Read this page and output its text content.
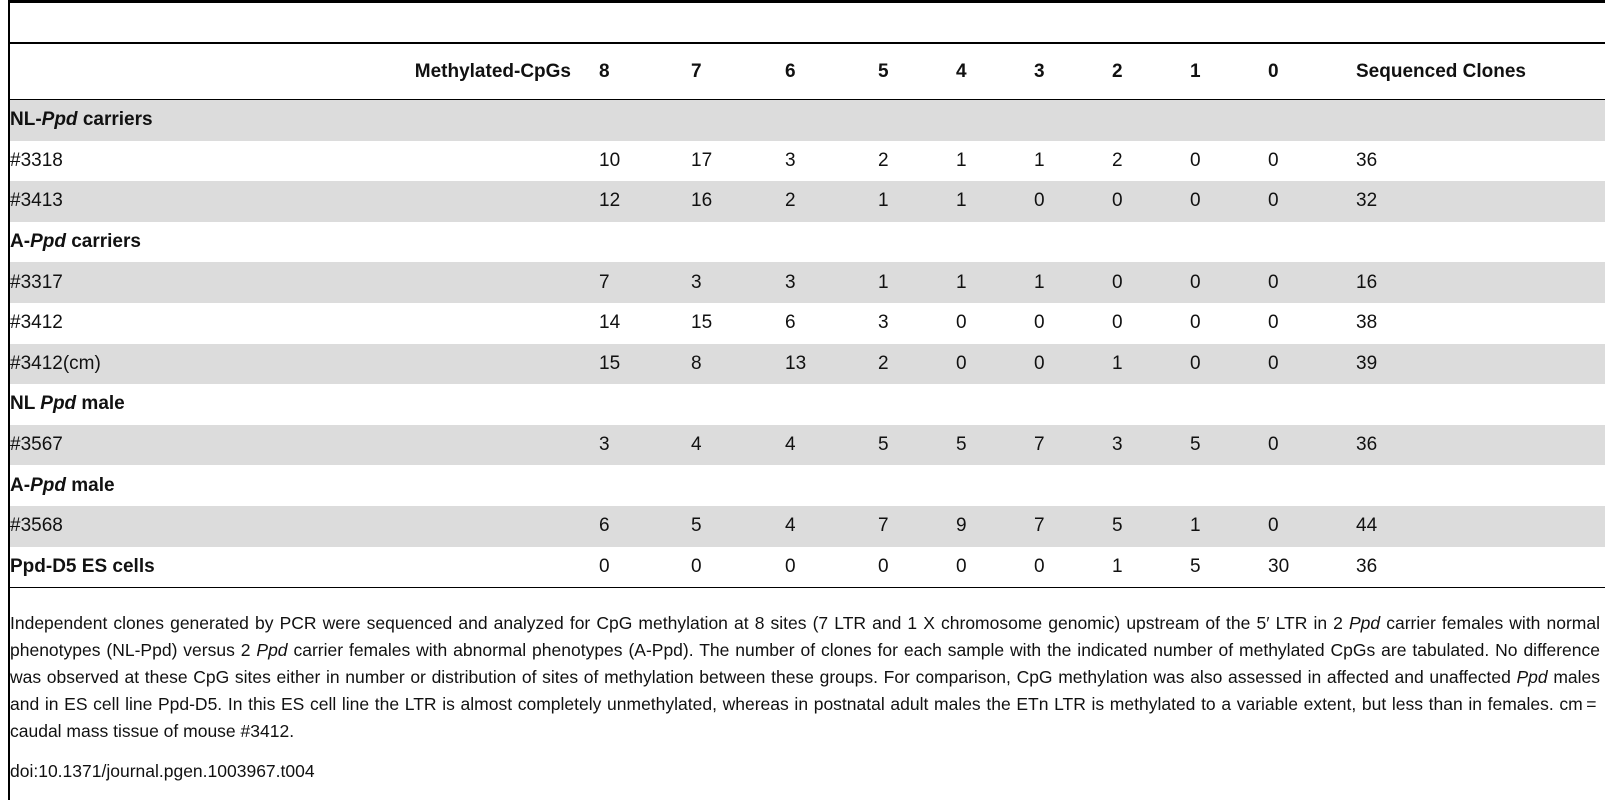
Methylated-CpGs	8	7	6	5	4	3	2	1	0	Sequenced Clones
NL-Ppd carriers										
#3318	10	17	3	2	1	1	2	0	0	36
#3413	12	16	2	1	1	0	0	0	0	32
A-Ppd carriers										
#3317	7	3	3	1	1	1	0	0	0	16
#3412	14	15	6	3	0	0	0	0	0	38
#3412(cm)	15	8	13	2	0	0	1	0	0	39
NL Ppd male										
#3567	3	4	4	5	5	7	3	5	0	36
A-Ppd male										
#3568	6	5	4	7	9	7	5	1	0	44
Ppd-D5 ES cells	0	0	0	0	0	0	1	5	30	36

Independent clones generated by PCR were sequenced and analyzed for CpG methylation at 8 sites (7 LTR and 1 X chromosome genomic) upstream of the 5′ LTR in 2 Ppd carrier females with normal phenotypes (NL-Ppd) versus 2 Ppd carrier females with abnormal phenotypes (A-Ppd). The number of clones for each sample with the indicated number of methylated CpGs are tabulated. No difference was observed at these CpG sites either in number or distribution of sites of methylation between these groups. For comparison, CpG methylation was also assessed in affected and unaffected Ppd males and in ES cell line Ppd-D5. In this ES cell line the LTR is almost completely unmethylated, whereas in postnatal adult males the ETn LTR is methylated to a variable extent, but less than in females. cm = caudal mass tissue of mouse #3412.

doi:10.1371/journal.pgen.1003967.t004
